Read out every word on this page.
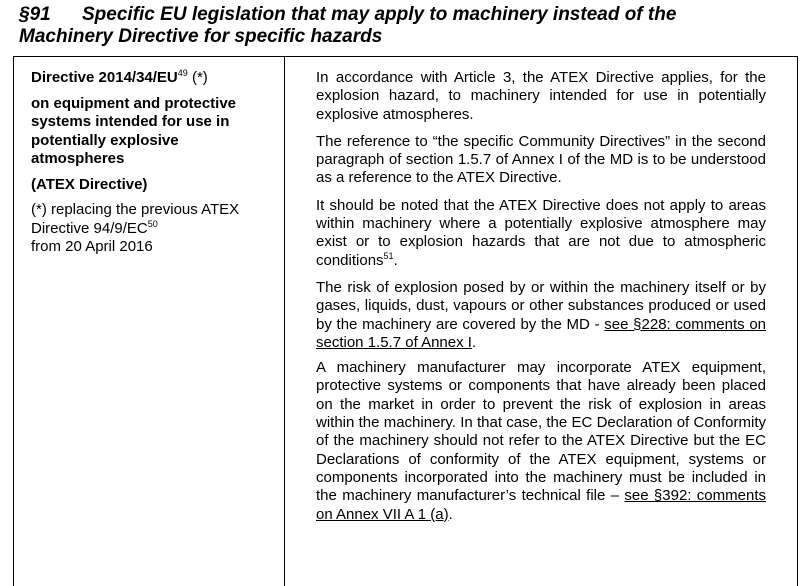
§91 Specific EU legislation that may apply to machinery instead of the
Machinery Directive for specific hazards

Directive 2014/34/EU$^{49}$ (*)

on equipment and protective systems intended for use in potentially explosive atmospheres

(ATEX Directive)

(*) replacing the previous ATEX Directive 94/9/EC$^{50}$
from 20 April 2016

In accordance with Article 3, the ATEX Directive applies, for the explosion hazard, to machinery intended for use in potentially explosive atmospheres.

The reference to “the specific Community Directives” in the second paragraph of section 1.5.7 of Annex I of the MD is to be understood as a reference to the ATEX Directive.

It should be noted that the ATEX Directive does not apply to areas within machinery where a potentially explosive atmosphere may exist or to explosion hazards that are not due to atmospheric conditions$^{51}$.

The risk of explosion posed by or within the machinery itself or by gases, liquids, dust, vapours or other substances produced or used by the machinery are covered by the MD - see §228: comments on section 1.5.7 of Annex I.

A machinery manufacturer may incorporate ATEX equipment, protective systems or components that have already been placed on the market in order to prevent the risk of explosion in areas within the machinery. In that case, the EC Declaration of Conformity of the machinery should not refer to the ATEX Directive but the EC Declarations of conformity of the ATEX equipment, systems or components incorporated into the machinery must be included in the machinery manufacturer’s technical file – see §392: comments on Annex VII A 1 (a).
